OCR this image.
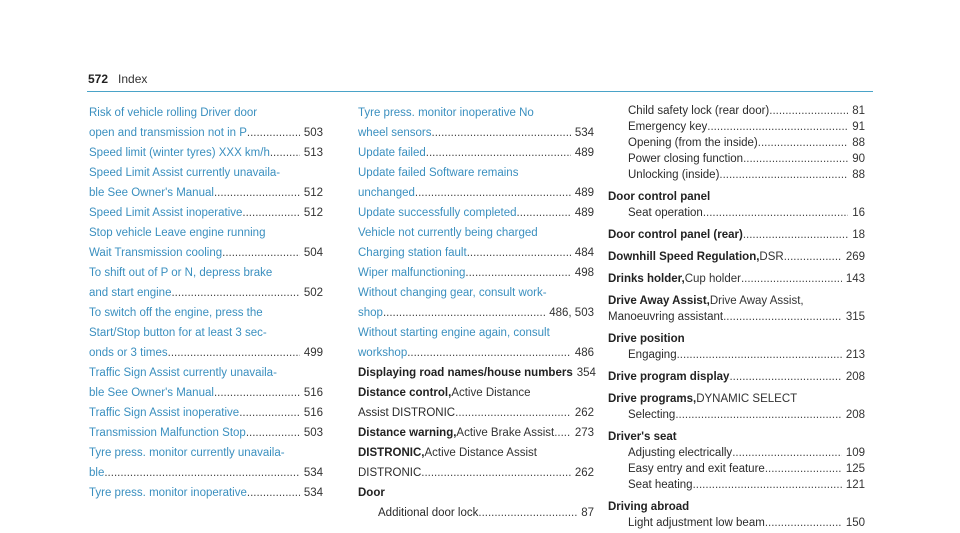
572 Index
Risk of vehicle rolling Driver door
open and transmission not in P .....	503
Speed limit (winter tyres) XXX km/h .....	513
Speed Limit Assist currently unavaila-
ble See Owner's Manual .....	512
Speed Limit Assist inoperative .....	512
Stop vehicle Leave engine running
Wait Transmission cooling .....	504
To shift out of P or N, depress brake
and start engine .....	502
To switch off the engine, press the
Start/Stop button for at least 3 sec-
onds or 3 times .....	499
Traffic Sign Assist currently unavaila-
ble See Owner's Manual .....	516
Traffic Sign Assist inoperative .....	516
Transmission Malfunction Stop .....	503
Tyre press. monitor currently unavaila-
ble .....	534
Tyre press. monitor inoperative .....	534
Tyre press. monitor inoperative No
wheel sensors .....	534
Update failed .....	489
Update failed Software remains
unchanged .....	489
Update successfully completed .....	489
Vehicle not currently being charged
Charging station fault .....	484
Wiper malfunctioning .....	498
Without changing gear, consult work-
shop .....	486, 503
Without starting engine again, consult
workshop .....	486
Displaying road names/house numbers 354
Distance control, Active Distance
Assist DISTRONIC .....	262
Distance warning, Active Brake Assist .....	273
DISTRONIC, Active Distance Assist
DISTRONIC .....	262
Door
Additional door lock .....	87
Child safety lock (rear door) .....	81
Emergency key .....	91
Opening (from the inside) .....	88
Power closing function .....	90
Unlocking (inside) .....	88
Door control panel
Seat operation .....	16
Door control panel (rear) .....	18
Downhill Speed Regulation, DSR .....	269
Drinks holder, Cup holder .....	143
Drive Away Assist, Drive Away Assist,
Manoeuvring assistant .....	315
Drive position
Engaging .....	213
Drive program display .....	208
Drive programs, DYNAMIC SELECT
Selecting .....	208
Driver's seat
Adjusting electrically .....	109
Easy entry and exit feature .....	125
Seat heating .....	121
Driving abroad
Light adjustment low beam .....	150
